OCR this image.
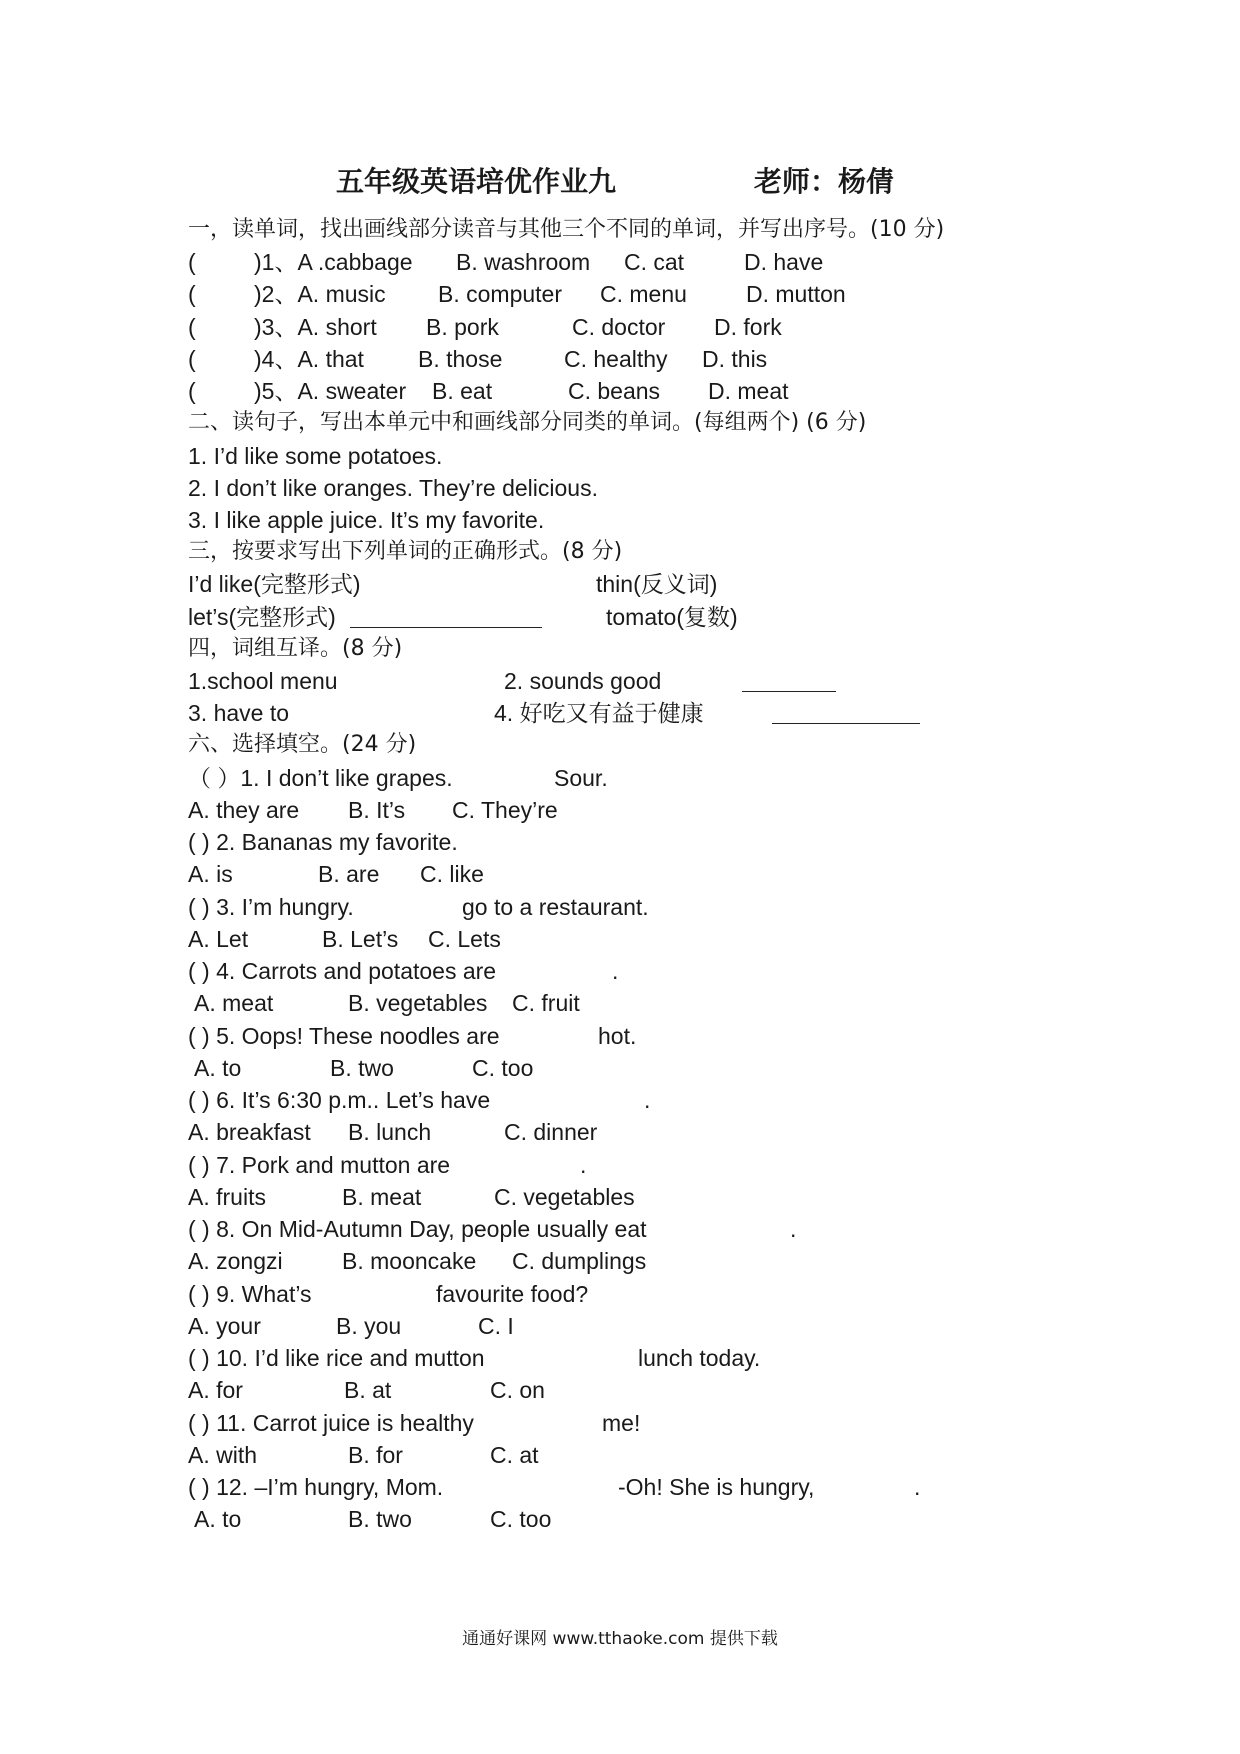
五年级英语培优作业九	老师：杨倩
一，读单词，找出画线部分读音与其他三个不同的单词，并写出序号。(10 分)
(	)1、A .cabbage B. washroom C. cat	D. have
(	)2、A. music B. computer C. menu	D. mutton
(	)3、A. short B. pork	C. doctor D. fork
(	)4、A. that B. those	C. healthy D. this
(	)5、A. sweater B. eat	C. beans D. meat
二、读句子，写出本单元中和画线部分同类的单词。(每组两个) (6 分)
1. I’d like some potatoes.
2. I don’t like oranges. They’re delicious.
3. I like apple juice. It’s my favorite.
三，按要求写出下列单词的正确形式。(8 分)
I’d like(完整形式)	thin(反义词)
let’s(完整形式)	tomato(复数)
四，词组互译。(8 分)
1.school menu	2. sounds good
3. have to	4. 好吃又有益于健康
六、选择填空。(24 分)
（ ）1. I don’t like grapes.	Sour.
A. they are B. It’s C. They’re
( ) 2. Bananas my favorite.
A. is	B. are C. like
( ) 3. I’m hungry.	go to a restaurant.
A. Let	B. Let’s C. Lets
( ) 4. Carrots and potatoes are	.
A. meat	B. vegetables C. fruit
( ) 5. Oops! These noodles are	hot.
A. to	B. two	C. too
( ) 6. It’s 6:30 p.m.. Let’s have	.
A. breakfast B. lunch	C. dinner
( ) 7. Pork and mutton are	.
A. fruits	B. meat	C. vegetables
( ) 8. On Mid-Autumn Day, people usually eat	.
A. zongzi	B. mooncake C. dumplings
( ) 9. What’s	favourite food?
A. your	B. you	C. I
( ) 10. I’d like rice and mutton	lunch today.
A. for	B. at	C. on
( ) 11. Carrot juice is healthy	me!
A. with	B. for	C. at
( ) 12. –I’m hungry, Mom.	-Oh! She is hungry,	.
A. to	B. two	C. too
通通好课网 www.tthaoke.com 提供下载
